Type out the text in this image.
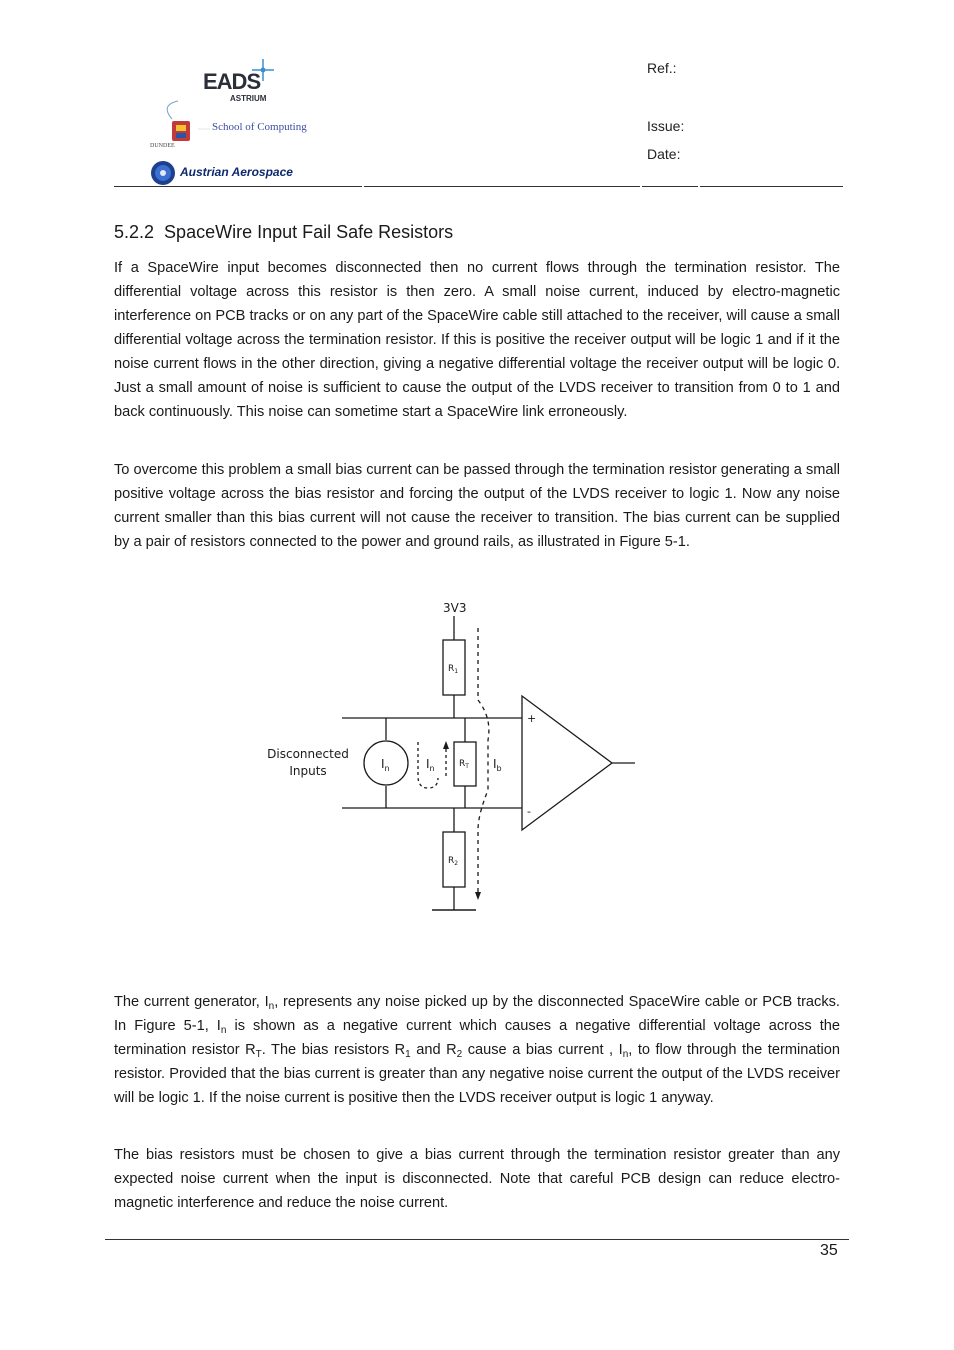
EADS
ASTRIUM
School of Computing
DUNDEE
Austrian Aerospace
Ref.:
Issue:
Date:
5.2.2 SpaceWire Input Fail Safe Resistors

If a SpaceWire input becomes disconnected then no current flows through the termination resistor. The differential voltage across this resistor is then zero. A small noise current, induced by electro-magnetic interference on PCB tracks or on any part of the SpaceWire cable still attached to the receiver, will cause a small differential voltage across the termination resistor. If this is positive the receiver output will be logic 1 and if it the noise current flows in the other direction, giving a negative differential voltage the receiver output will be logic 0. Just a small amount of noise is sufficient to cause the output of the LVDS receiver to transition from 0 to 1 and back continuously. This noise can sometime start a SpaceWire link erroneously.

To overcome this problem a small bias current can be passed through the termination resistor generating a small positive voltage across the bias resistor and forcing the output of the LVDS receiver to logic 1. Now any noise current smaller than this bias current will not cause the receiver to transition. The bias current can be supplied by a pair of resistors connected to the power and ground rails, as illustrated in Figure 5-1.

3V3
$R_1$
$R_2$
$R_T$
$I_n$	$I_n$	$I_b$
Disconnected
Inputs
+
-

The current generator, $I_n$, represents any noise picked up by the disconnected SpaceWire cable or PCB tracks. In Figure 5-1, $I_n$ is shown as a negative current which causes a negative differential voltage across the termination resistor $R_T$. The bias resistors $R_1$ and $R_2$ cause a bias current , $I_n$, to flow through the termination resistor. Provided that the bias current is greater than any negative noise current the output of the LVDS receiver will be logic 1. If the noise current is positive then the LVDS receiver output is logic 1 anyway.

The bias resistors must be chosen to give a bias current through the termination resistor greater than any expected noise current when the input is disconnected. Note that careful PCB design can reduce electro-magnetic interference and reduce the noise current.

35
